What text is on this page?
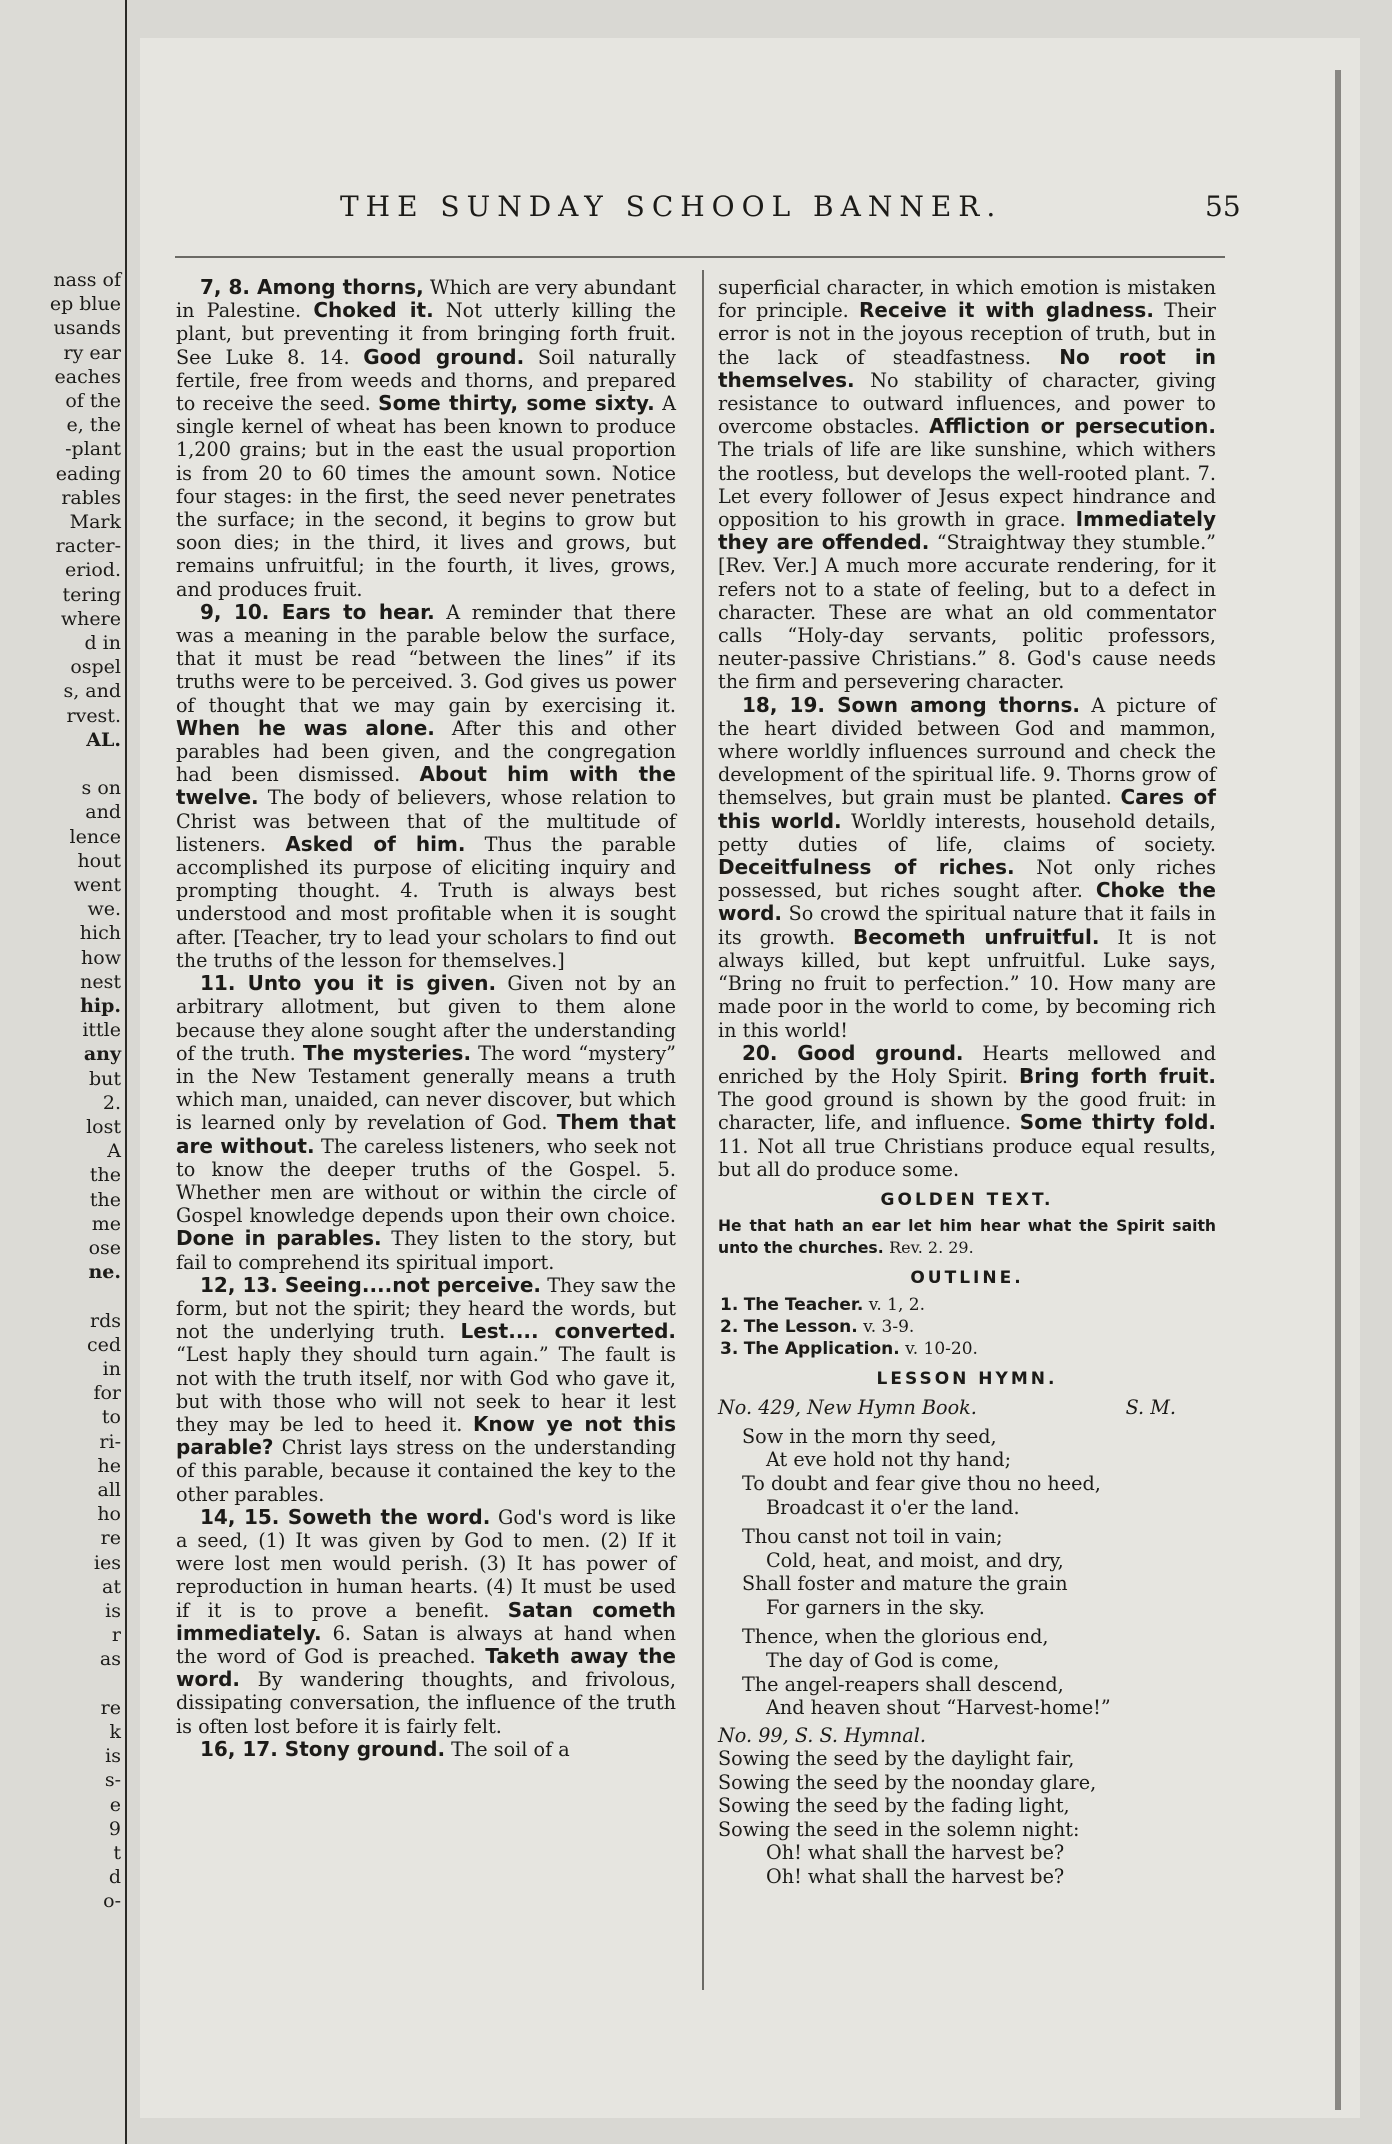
nass of
ep blue
usands
ry ear
eaches
of the
e, the
-plant
eading
rables
Mark
racter-
eriod.
tering
where
d in
ospel
s, and
rvest.
AL.
s on
and
lence
hout
went
we.
hich
how
nest
hip.
ittle
any
but
2.
lost
A
the
the
me
ose
ne.
rds
ced
in
for
to
ri-
he
all
ho
re
ies
at
is
r
as
re
k
is
s-
e
9
t
d
o-
THE SUNDAY SCHOOL BANNER.	55

7, 8. Among thorns, Which are very abundant in Palestine. Choked it. Not utterly killing the plant, but preventing it from bringing forth fruit. See Luke 8. 14. Good ground. Soil naturally fertile, free from weeds and thorns, and prepared to receive the seed. Some thirty, some sixty. A single kernel of wheat has been known to produce 1,200 grains; but in the east the usual proportion is from 20 to 60 times the amount sown. Notice four stages: in the first, the seed never penetrates the surface; in the second, it begins to grow but soon dies; in the third, it lives and grows, but remains unfruitful; in the fourth, it lives, grows, and produces fruit.

9, 10. Ears to hear. A reminder that there was a meaning in the parable below the surface, that it must be read “between the lines” if its truths were to be perceived. 3. God gives us power of thought that we may gain by exercising it. When he was alone. After this and other parables had been given, and the congregation had been dismissed. About him with the twelve. The body of believers, whose relation to Christ was between that of the multitude of listeners. Asked of him. Thus the parable accomplished its purpose of eliciting inquiry and prompting thought. 4. Truth is always best understood and most profitable when it is sought after. [Teacher, try to lead your scholars to find out the truths of the lesson for themselves.]

11. Unto you it is given. Given not by an arbitrary allotment, but given to them alone because they alone sought after the understanding of the truth. The mysteries. The word “mystery” in the New Testament generally means a truth which man, unaided, can never discover, but which is learned only by revelation of God. Them that are without. The careless listeners, who seek not to know the deeper truths of the Gospel. 5. Whether men are without or within the circle of Gospel knowledge depends upon their own choice. Done in parables. They listen to the story, but fail to comprehend its spiritual import.

12, 13. Seeing....not perceive. They saw the form, but not the spirit; they heard the words, but not the underlying truth. Lest.... converted. “Lest haply they should turn again.” The fault is not with the truth itself, nor with God who gave it, but with those who will not seek to hear it lest they may be led to heed it. Know ye not this parable? Christ lays stress on the understanding of this parable, because it contained the key to the other parables.

14, 15. Soweth the word. God's word is like a seed, (1) It was given by God to men. (2) If it were lost men would perish. (3) It has power of reproduction in human hearts. (4) It must be used if it is to prove a benefit. Satan cometh immediately. 6. Satan is always at hand when the word of God is preached. Taketh away the word. By wandering thoughts, and frivolous, dissipating conversation, the influence of the truth is often lost before it is fairly felt.

16, 17. Stony ground. The soil of a

superficial character, in which emotion is mistaken for principle. Receive it with gladness. Their error is not in the joyous reception of truth, but in the lack of steadfastness. No root in themselves. No stability of character, giving resistance to outward influences, and power to overcome obstacles. Affliction or persecution. The trials of life are like sunshine, which withers the rootless, but develops the well-rooted plant. 7. Let every follower of Jesus expect hindrance and opposition to his growth in grace. Immediately they are offended. “Straightway they stumble.” [Rev. Ver.] A much more accurate rendering, for it refers not to a state of feeling, but to a defect in character. These are what an old commentator calls “Holy-day servants, politic professors, neuter-passive Christians.” 8. God's cause needs the firm and persevering character.

18, 19. Sown among thorns. A picture of the heart divided between God and mammon, where worldly influences surround and check the development of the spiritual life. 9. Thorns grow of themselves, but grain must be planted. Cares of this world. Worldly interests, household details, petty duties of life, claims of society. Deceitfulness of riches. Not only riches possessed, but riches sought after. Choke the word. So crowd the spiritual nature that it fails in its growth. Becometh unfruitful. It is not always killed, but kept unfruitful. Luke says, “Bring no fruit to perfection.” 10. How many are made poor in the world to come, by becoming rich in this world!

20. Good ground. Hearts mellowed and enriched by the Holy Spirit. Bring forth fruit. The good ground is shown by the good fruit: in character, life, and influence. Some thirty fold. 11. Not all true Christians produce equal results, but all do produce some.

GOLDEN TEXT.
He that hath an ear let him hear what the Spirit saith unto the churches. Rev. 2. 29.
OUTLINE.
1. The Teacher. v. 1, 2.
2. The Lesson. v. 3-9.
3. The Application. v. 10-20.
LESSON HYMN.
No. 429, New Hymn Book.	S. M.
Sow in the morn thy seed,
At eve hold not thy hand;
To doubt and fear give thou no heed,
Broadcast it o'er the land.
Thou canst not toil in vain;
Cold, heat, and moist, and dry,
Shall foster and mature the grain
For garners in the sky.
Thence, when the glorious end,
The day of God is come,
The angel-reapers shall descend,
And heaven shout “Harvest-home!”
No. 99, S. S. Hymnal.
Sowing the seed by the daylight fair,
Sowing the seed by the noonday glare,
Sowing the seed by the fading light,
Sowing the seed in the solemn night:
Oh! what shall the harvest be?
Oh! what shall the harvest be?
